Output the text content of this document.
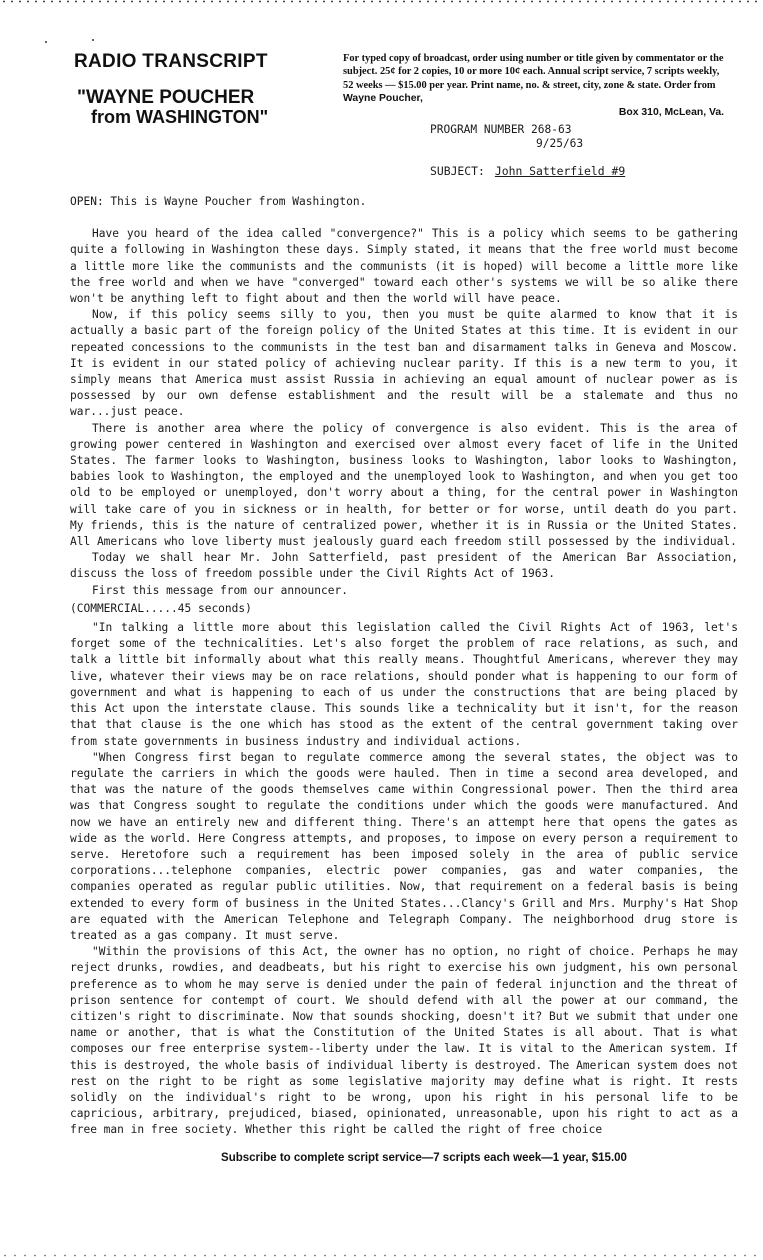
RADIO TRANSCRIPT
"WAYNE POUCHER
from WASHINGTON"
For typed copy of broadcast, order using number or title given by commentator or the subject. 25¢ for 2 copies, 10 or more 10¢ each. Annual script service, 7 scripts weekly, 52 weeks — $15.00 per year. Print name, no. & street, city, zone & state. Order from Wayne Poucher,
Box 310, McLean, Va.
PROGRAM NUMBER 268-63
9/25/63
SUBJECT: John Satterfield #9

OPEN: This is Wayne Poucher from Washington.

Have you heard of the idea called "convergence?" This is a policy which seems to be gathering quite a following in Washington these days. Simply stated, it means that the free world must become a little more like the communists and the communists (it is hoped) will become a little more like the free world and when we have "converged" toward each other's systems we will be so alike there won't be anything left to fight about and then the world will have peace.

Now, if this policy seems silly to you, then you must be quite alarmed to know that it is actually a basic part of the foreign policy of the United States at this time. It is evident in our repeated concessions to the communists in the test ban and disarmament talks in Geneva and Moscow. It is evident in our stated policy of achieving nuclear parity. If this is a new term to you, it simply means that America must assist Russia in achieving an equal amount of nuclear power as is possessed by our own defense establishment and the result will be a stalemate and thus no war...just peace.

There is another area where the policy of convergence is also evident. This is the area of growing power centered in Washington and exercised over almost every facet of life in the United States. The farmer looks to Washington, business looks to Washington, labor looks to Washington, babies look to Washington, the employed and the unemployed look to Washington, and when you get too old to be employed or unemployed, don't worry about a thing, for the central power in Washington will take care of you in sickness or in health, for better or for worse, until death do you part. My friends, this is the nature of centralized power, whether it is in Russia or the United States. All Americans who love liberty must jealously guard each freedom still possessed by the individual.

Today we shall hear Mr. John Satterfield, past president of the American Bar Association, discuss the loss of freedom possible under the Civil Rights Act of 1963.

First this message from our announcer.

(COMMERCIAL.....45 seconds)

"In talking a little more about this legislation called the Civil Rights Act of 1963, let's forget some of the technicalities. Let's also forget the problem of race relations, as such, and talk a little bit informally about what this really means. Thoughtful Americans, wherever they may live, whatever their views may be on race relations, should ponder what is happening to our form of government and what is happening to each of us under the constructions that are being placed by this Act upon the interstate clause. This sounds like a technicality but it isn't, for the reason that that clause is the one which has stood as the extent of the central government taking over from state governments in business industry and individual actions.

"When Congress first began to regulate commerce among the several states, the object was to regulate the carriers in which the goods were hauled. Then in time a second area developed, and that was the nature of the goods themselves came within Congressional power. Then the third area was that Congress sought to regulate the conditions under which the goods were manufactured. And now we have an entirely new and different thing. There's an attempt here that opens the gates as wide as the world. Here Congress attempts, and proposes, to impose on every person a requirement to serve. Heretofore such a requirement has been imposed solely in the area of public service corporations...telephone companies, electric power companies, gas and water companies, the companies operated as regular public utilities. Now, that requirement on a federal basis is being extended to every form of business in the United States...Clancy's Grill and Mrs. Murphy's Hat Shop are equated with the American Telephone and Telegraph Company. The neighborhood drug store is treated as a gas company. It must serve.

"Within the provisions of this Act, the owner has no option, no right of choice. Perhaps he may reject drunks, rowdies, and deadbeats, but his right to exercise his own judgment, his own personal preference as to whom he may serve is denied under the pain of federal injunction and the threat of prison sentence for contempt of court. We should defend with all the power at our command, the citizen's right to discriminate. Now that sounds shocking, doesn't it? But we submit that under one name or another, that is what the Constitution of the United States is all about. That is what composes our free enterprise system--liberty under the law. It is vital to the American system. If this is destroyed, the whole basis of individual liberty is destroyed. The American system does not rest on the right to be right as some legislative majority may define what is right. It rests solidly on the individual's right to be wrong, upon his right in his personal life to be capricious, arbitrary, prejudiced, biased, opinionated, unreasonable, upon his right to act as a free man in free society. Whether this right be called the right of free choice

Subscribe to complete script service—7 scripts each week—1 year, $15.00
